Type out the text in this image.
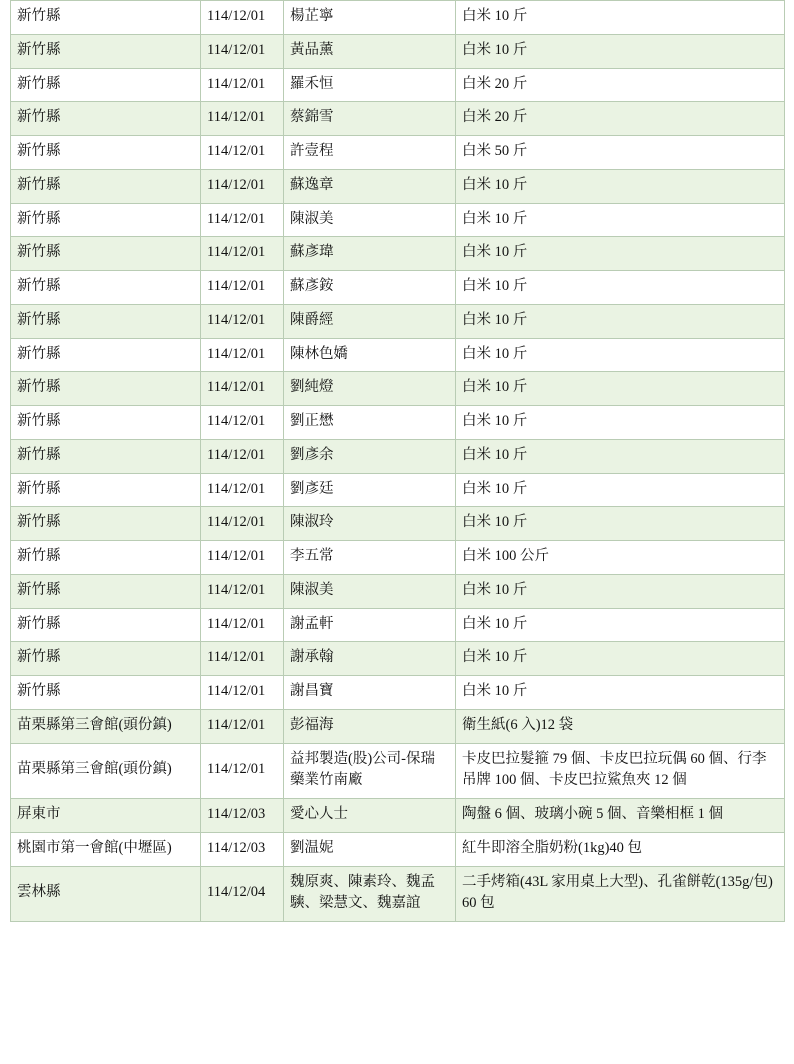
新竹縣	114/12/01	楊芷寧	白米 10 斤
新竹縣	114/12/01	黃品薰	白米 10 斤
新竹縣	114/12/01	羅禾恒	白米 20 斤
新竹縣	114/12/01	蔡錦雪	白米 20 斤
新竹縣	114/12/01	許壹程	白米 50 斤
新竹縣	114/12/01	蘇逸章	白米 10 斤
新竹縣	114/12/01	陳淑美	白米 10 斤
新竹縣	114/12/01	蘇彥瑋	白米 10 斤
新竹縣	114/12/01	蘇彥銨	白米 10 斤
新竹縣	114/12/01	陳爵經	白米 10 斤
新竹縣	114/12/01	陳林色嬌	白米 10 斤
新竹縣	114/12/01	劉純燈	白米 10 斤
新竹縣	114/12/01	劉正懋	白米 10 斤
新竹縣	114/12/01	劉彥余	白米 10 斤
新竹縣	114/12/01	劉彥廷	白米 10 斤
新竹縣	114/12/01	陳淑玲	白米 10 斤
新竹縣	114/12/01	李五常	白米 100 公斤
新竹縣	114/12/01	陳淑美	白米 10 斤
新竹縣	114/12/01	謝孟軒	白米 10 斤
新竹縣	114/12/01	謝承翰	白米 10 斤
新竹縣	114/12/01	謝昌寶	白米 10 斤
苗栗縣第三會館(頭份鎮)	114/12/01	彭福海	衛生紙(6 入)12 袋
苗栗縣第三會館(頭份鎮)	114/12/01	益邦製造(股)公司-保瑞藥業竹南廠	卡皮巴拉髮箍 79 個、卡皮巴拉玩偶 60 個、行李吊牌 100 個、卡皮巴拉鯊魚夾 12 個
屏東市	114/12/03	愛心人士	陶盤 6 個、玻璃小碗 5 個、音樂相框 1 個
桃園市第一會館(中壢區)	114/12/03	劉温妮	紅牛即溶全脂奶粉(1kg)40 包
雲林縣	114/12/04	魏原爽、陳素玲、魏孟騻、梁慧文、魏嘉誼	二手烤箱(43L 家用桌上大型)、孔雀餅乾(135g/包)60 包
